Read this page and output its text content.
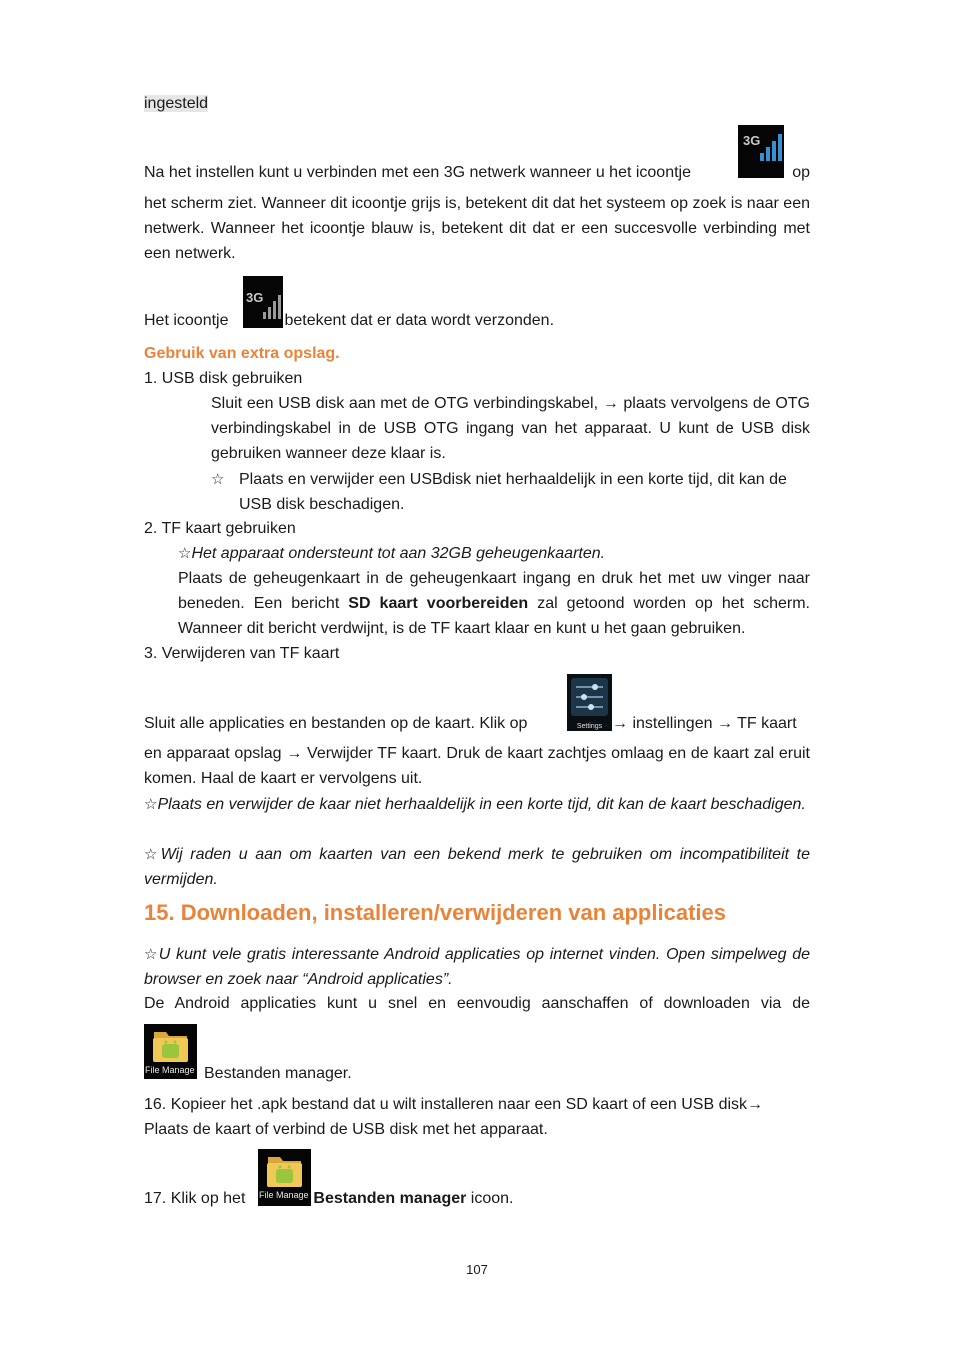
ingesteld

3G

Na het instellen kunt u verbinden met een 3G netwerk wanneer u het icoontje	op

het scherm ziet. Wanneer dit icoontje grijs is, betekent dit dat het systeem op zoek is naar een netwerk. Wanneer het icoontje blauw is, betekent dit dat er een succesvolle verbinding met een netwerk.

3G

Het icoontje	betekent dat er data wordt verzonden.

Gebruik van extra opslag.

1. USB disk gebruiken

Sluit een USB disk aan met de OTG verbindingskabel, → plaats vervolgens de OTG verbindingskabel in de USB OTG ingang van het apparaat. U kunt de USB disk gebruiken wanneer deze klaar is.

☆ Plaats en verwijder een USBdisk niet herhaaldelijk in een korte tijd, dit kan de USB disk beschadigen.

2. TF kaart gebruiken

☆Het apparaat ondersteunt tot aan 32GB geheugenkaarten.

Plaats de geheugenkaart in de geheugenkaart ingang en druk het met uw vinger naar beneden. Een bericht SD kaart voorbereiden zal getoond worden op het scherm. Wanneer dit bericht verdwijnt, is de TF kaart klaar en kunt u het gaan gebruiken.

3. Verwijderen van TF kaart

Settings

Sluit alle applicaties en bestanden op de kaart. Klik op	→ instellingen → TF kaart

en apparaat opslag → Verwijder TF kaart. Druk de kaart zachtjes omlaag en de kaart zal eruit komen. Haal de kaart er vervolgens uit.

☆Plaats en verwijder de kaar niet herhaaldelijk in een korte tijd, dit kan de kaart beschadigen.

☆Wij raden u aan om kaarten van een bekend merk te gebruiken om incompatibiliteit te vermijden.

15. Downloaden, installeren/verwijderen van applicaties

☆U kunt vele gratis interessante Android applicaties op internet vinden. Open simpelweg de browser en zoek naar “Android applicaties”.

De Android applicaties kunt u snel en eenvoudig aanschaffen of downloaden via de

File Manage Bestanden manager.

16. Kopieer het .apk bestand dat u wilt installeren naar een SD kaart of een USB disk→ Plaats de kaart of verbind de USB disk met het apparaat.

File Manage

17. Klik op het	Bestanden manager icoon.

107
